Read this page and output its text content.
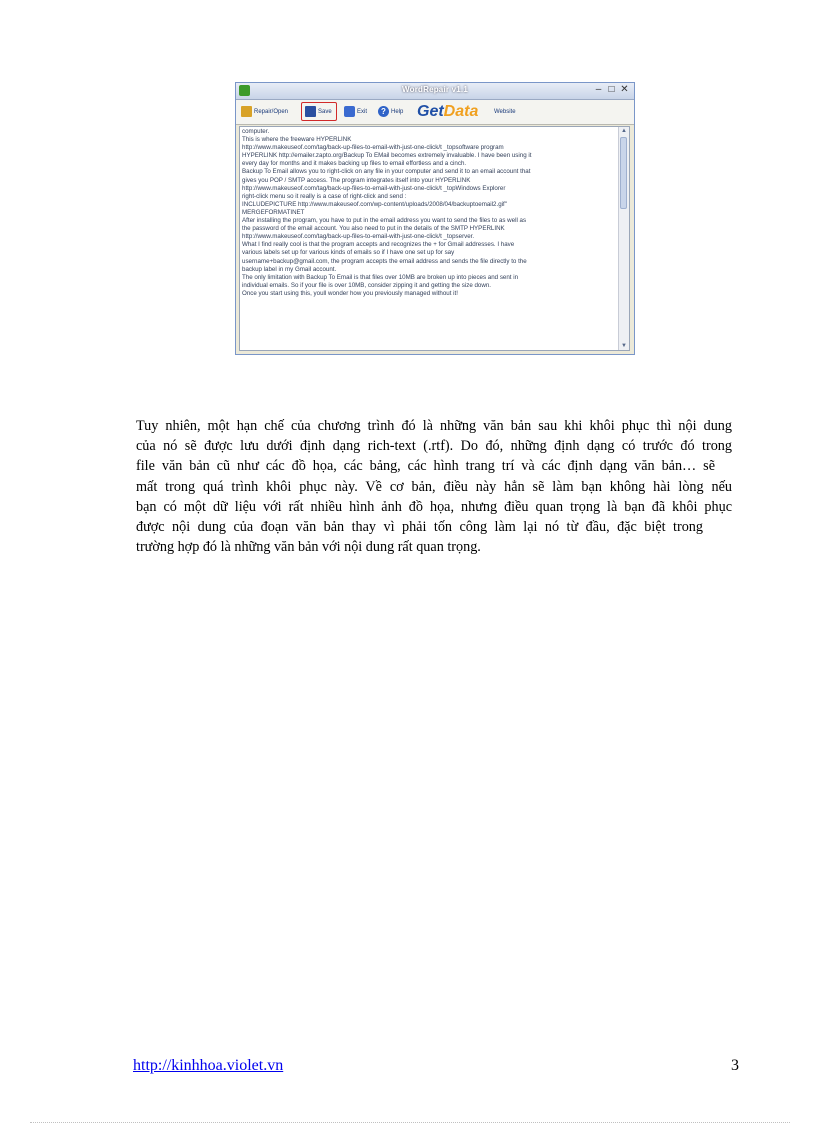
WordRepair v1.1	– □ ✕
Repair/Open	Save	Exit	? Help GetData	Website
computer.
This is where the freeware HYPERLINK
http://www.makeuseof.com/tag/back-up-files-to-email-with-just-one-click/t _topsoftware program
HYPERLINK http://emailer.zapto.org/Backup To EMail becomes extremely invaluable. I have been using it
every day for months and it makes backing up files to email effortless and a cinch.
Backup To Email allows you to right-click on any file in your computer and send it to an email account that
gives you POP / SMTP access. The program integrates itself into your HYPERLINK
http://www.makeuseof.com/tag/back-up-files-to-email-with-just-one-click/t _topWindows Explorer
right-click menu so it really is a case of right-click and send :
INCLUDEPICTURE http://www.makeuseof.com/wp-content/uploads/2008/04/backuptoemail2.gif"
MERGEFORMATINET
After installing the program, you have to put in the email address you want to send the files to as well as
the password of the email account. You also need to put in the details of the SMTP HYPERLINK
http://www.makeuseof.com/tag/back-up-files-to-email-with-just-one-click/t _topserver.
What I find really cool is that the program accepts and recognizes the + for Gmail addresses. I have
various labels set up for various kinds of emails so if I have one set up for say
username+backup@gmail.com, the program accepts the email address and sends the file directly to the
backup label in my Gmail account.
The only limitation with Backup To Email is that files over 10MB are broken up into pieces and sent in
individual emails. So if your file is over 10MB, consider zipping it and getting the size down.
Once you start using this, youll wonder how you previously managed without it!
▲
▼
Tuy nhiên, một hạn chế của chương trình đó là những văn bản sau khi khôi phục thì nội dung
của nó sẽ được lưu dưới định dạng rich-text (.rtf). Do đó, những định dạng có trước đó trong
file văn bản cũ như các đồ họa, các bảng, các hình trang trí và các định dạng văn bản… sẽ
mất trong quá trình khôi phục này. Về cơ bản, điều này hẳn sẽ làm bạn không hài lòng nếu
bạn có một dữ liệu với rất nhiều hình ảnh đồ họa, nhưng điều quan trọng là bạn đã khôi phục
được nội dung của đoạn văn bản thay vì phải tốn công làm lại nó từ đầu, đặc biệt trong
trường hợp đó là những văn bản với nội dung rất quan trọng.
http://kinhhoa.violet.vn	3
